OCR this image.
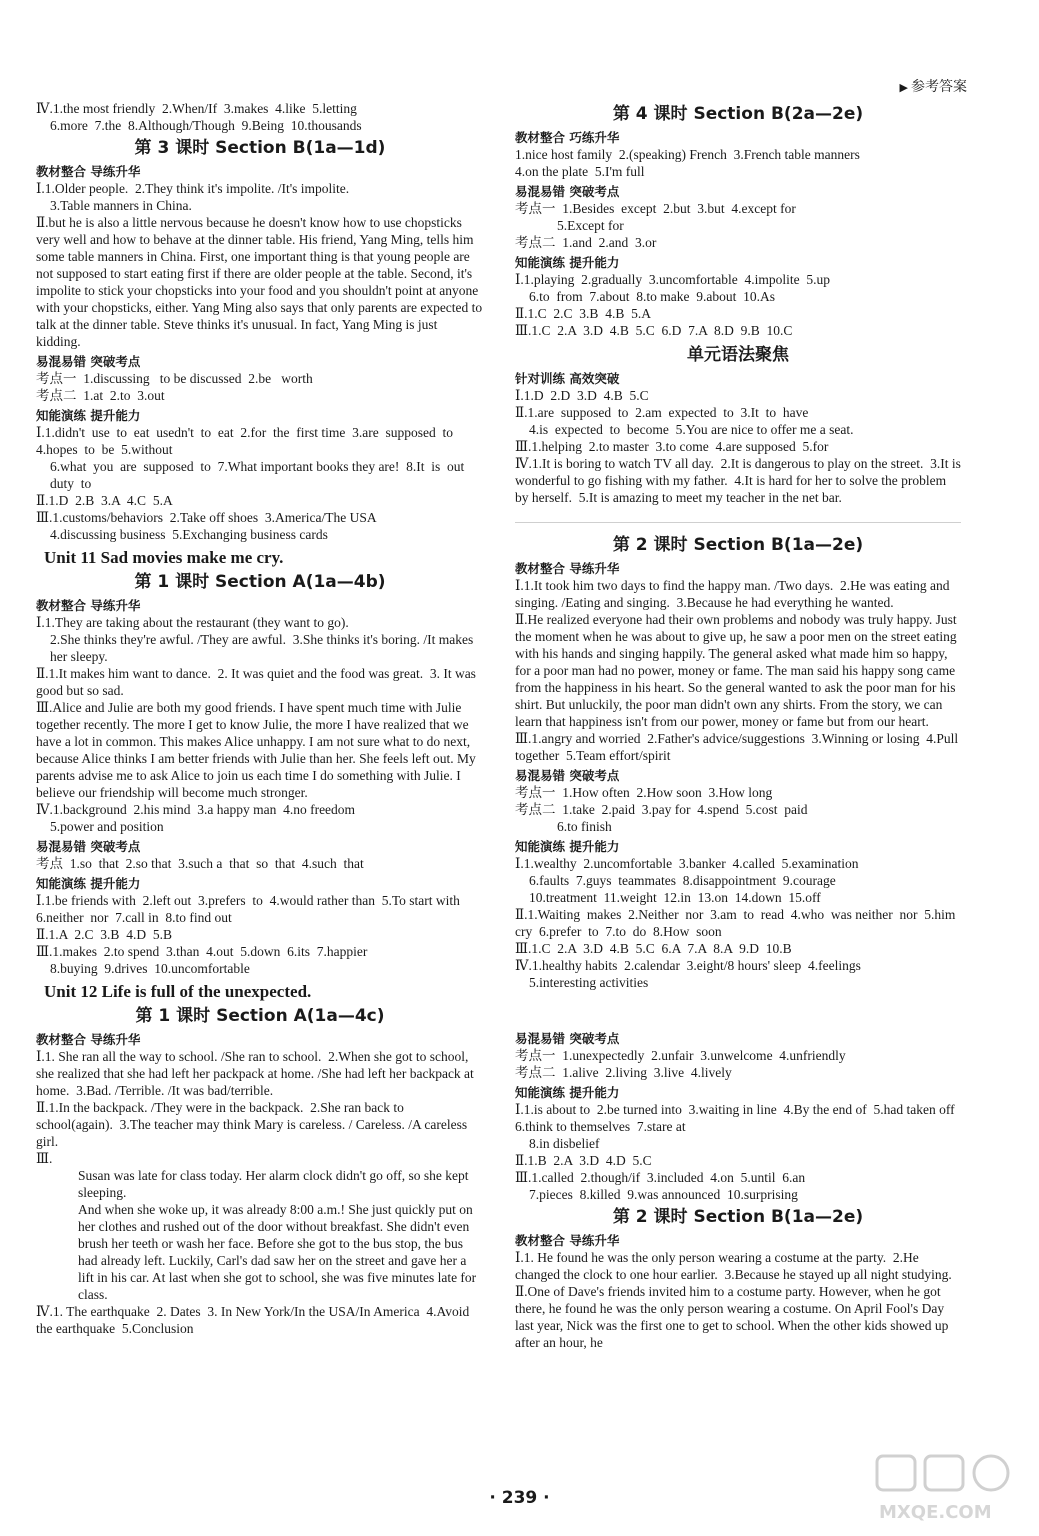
▶ 参考答案
Ⅳ.1.the most friendly  2.When/If  3.makes  4.like  5.letting
6.more  7.the  8.Although/Though  9.Being  10.thousands
第 3 课时 Section B(1a—1d)
教材整合 导练升华
Ⅰ.1.Older people.  2.They think it's impolite. /It's impolite.
3.Table manners in China.
Ⅱ.but he is also a little nervous because he doesn't know how to use chopsticks very well and how to behave at the dinner table. His friend, Yang Ming, tells him some table manners in China. First, one important thing is that young people are not supposed to start eating first if there are older people at the table. Second, it's impolite to stick your chopsticks into your food and you shouldn't point at anyone with your chopsticks, either. Yang Ming also says that only parents are expected to talk at the dinner table. Steve thinks it's unusual. In fact, Yang Ming is just kidding.
易混易错 突破考点
考点一  1.discussing   to be discussed  2.be   worth
考点二  1.at  2.to  3.out
知能演练 提升能力
Ⅰ.1.didn't  use  to  eat  usedn't  to  eat  2.for  the  first time  3.are  supposed  to  4.hopes  to  be  5.without
6.what  you  are  supposed  to  7.What important books they are!  8.It  is  out  duty  to
Ⅱ.1.D  2.B  3.A  4.C  5.A
Ⅲ.1.customs/behaviors  2.Take off shoes  3.America/The USA
4.discussing business  5.Exchanging business cards
Unit 11 Sad movies make me cry.
第 1 课时 Section A(1a—4b)
教材整合 导练升华
Ⅰ.1.They are taking about the restaurant (they want to go).
2.She thinks they're awful. /They are awful.  3.She thinks it's boring. /It makes her sleepy.
Ⅱ.1.It makes him want to dance.  2. It was quiet and the food was great.  3. It was good but so sad.
Ⅲ.Alice and Julie are both my good friends. I have spent much time with Julie together recently. The more I get to know Julie, the more I have realized that we have a lot in common. This makes Alice unhappy. I am not sure what to do next, because Alice thinks I am better friends with Julie than her. She feels left out. My parents advise me to ask Alice to join us each time I do something with Julie. I believe our friendship will become much stronger.
Ⅳ.1.background  2.his mind  3.a happy man  4.no freedom
5.power and position
易混易错 突破考点
考点  1.so  that  2.so that  3.such a  that  so  that  4.such  that
知能演练 提升能力
Ⅰ.1.be friends with  2.left out  3.prefers  to  4.would rather than  5.To start with  6.neither  nor  7.call in  8.to find out
Ⅱ.1.A  2.C  3.B  4.D  5.B
Ⅲ.1.makes  2.to spend  3.than  4.out  5.down  6.its  7.happier
8.buying  9.drives  10.uncomfortable
Unit 12 Life is full of the unexpected.
第 1 课时 Section A(1a—4c)
教材整合 导练升华
Ⅰ.1. She ran all the way to school. /She ran to school.  2.When she got to school, she realized that she had left her packpack at home. /She had left her backpack at home.  3.Bad. /Terrible. /It was bad/terrible.
Ⅱ.1.In the backpack. /They were in the backpack.  2.She ran back to school(again).  3.The teacher may think Mary is careless. / Careless. /A careless girl.
Ⅲ.
Susan was late for class today. Her alarm clock didn't go off, so she kept sleeping.
And when she woke up, it was already 8:00 a.m.! She just quickly put on her clothes and rushed out of the door without breakfast. She didn't even brush her teeth or wash her face. Before she got to the bus stop, the bus had already left. Luckily, Carl's dad saw her on the street and gave her a lift in his car. At last when she got to school, she was five minutes late for class.
Ⅳ.1. The earthquake  2. Dates  3. In New York/In the USA/In America  4.Avoid the earthquake  5.Conclusion
第 4 课时 Section B(2a—2e)
教材整合 巧练升华
1.nice host family  2.(speaking) French  3.French table manners
4.on the plate  5.I'm full
易混易错 突破考点
考点一  1.Besides  except  2.but  3.but  4.except for
5.Except for
考点二  1.and  2.and  3.or
知能演练 提升能力
Ⅰ.1.playing  2.gradually  3.uncomfortable  4.impolite  5.up
6.to  from  7.about  8.to make  9.about  10.As
Ⅱ.1.C  2.C  3.B  4.B  5.A
Ⅲ.1.C  2.A  3.D  4.B  5.C  6.D  7.A  8.D  9.B  10.C
单元语法聚焦
针对训练 高效突破
Ⅰ.1.D  2.D  3.D  4.B  5.C
Ⅱ.1.are  supposed  to  2.am  expected  to  3.It  to  have
4.is  expected  to  become  5.You are nice to offer me a seat.
Ⅲ.1.helping  2.to master  3.to come  4.are supposed  5.for
Ⅳ.1.It is boring to watch TV all day.  2.It is dangerous to play on the street.  3.It is wonderful to go fishing with my father.  4.It is hard for her to solve the problem by herself.  5.It is amazing to meet my teacher in the net bar.
第 2 课时 Section B(1a—2e)
教材整合 导练升华
Ⅰ.1.It took him two days to find the happy man. /Two days.  2.He was eating and singing. /Eating and singing.  3.Because he had everything he wanted.
Ⅱ.He realized everyone had their own problems and nobody was truly happy. Just the moment when he was about to give up, he saw a poor men on the street eating with his hands and singing happily. The general asked what made him so happy, for a poor man had no power, money or fame. The man said his happy song came from the happiness in his heart. So the general wanted to ask the poor man for his shirt. But unluckily, the poor man didn't own any shirts. From the story, we can learn that happiness isn't from our power, money or fame but from our heart.
Ⅲ.1.angry and worried  2.Father's advice/suggestions  3.Winning or losing  4.Pull together  5.Team effort/spirit
易混易错 突破考点
考点一  1.How often  2.How soon  3.How long
考点二  1.take  2.paid  3.pay for  4.spend  5.cost  paid
6.to finish
知能演练 提升能力
Ⅰ.1.wealthy  2.uncomfortable  3.banker  4.called  5.examination
6.faults  7.guys  teammates  8.disappointment  9.courage
10.treatment  11.weight  12.in  13.on  14.down  15.off
Ⅱ.1.Waiting  makes  2.Neither  nor  3.am  to  read  4.who  was neither  nor  5.him  cry  6.prefer  to  7.to  do  8.How  soon
Ⅲ.1.C  2.A  3.D  4.B  5.C  6.A  7.A  8.A  9.D  10.B
Ⅳ.1.healthy habits  2.calendar  3.eight/8 hours' sleep  4.feelings
5.interesting activities
易混易错 突破考点
考点一  1.unexpectedly  2.unfair  3.unwelcome  4.unfriendly
考点二  1.alive  2.living  3.live  4.lively
知能演练 提升能力
Ⅰ.1.is about to  2.be turned into  3.waiting in line  4.By the end of  5.had taken off  6.think to themselves  7.stare at
8.in disbelief
Ⅱ.1.B  2.A  3.D  4.D  5.C
Ⅲ.1.called  2.though/if  3.included  4.on  5.until  6.an
7.pieces  8.killed  9.was announced  10.surprising
第 2 课时 Section B(1a—2e)
教材整合 导练升华
Ⅰ.1. He found he was the only person wearing a costume at the party.  2.He changed the clock to one hour earlier.  3.Because he stayed up all night studying.
Ⅱ.One of Dave's friends invited him to a costume party. However, when he got there, he found he was the only person wearing a costume. On April Fool's Day last year, Nick was the first one to get to school. When the other kids showed up after an hour, he
· 239 ·
MXQE.COM
